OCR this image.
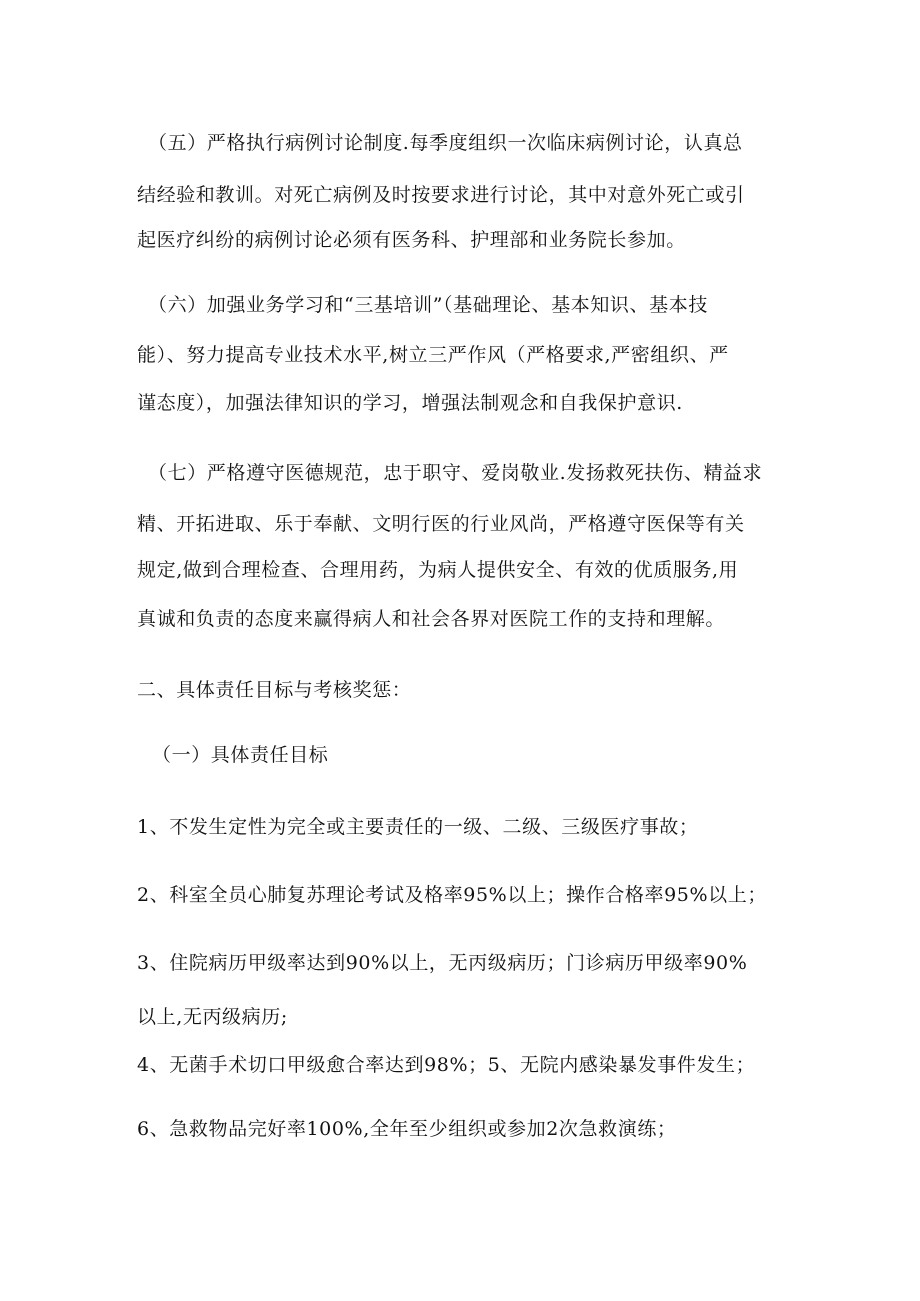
（五）严格执行病例讨论制度.每季度组织一次临床病例讨论，认真总
结经验和教训。对死亡病例及时按要求进行讨论，其中对意外死亡或引
起医疗纠纷的病例讨论必须有医务科、护理部和业务院长参加。
（六）加强业务学习和“三基培训”（基础理论、基本知识、基本技
能）、努力提高专业技术水平,树立三严作风（严格要求,严密组织、严
谨态度），加强法律知识的学习，增强法制观念和自我保护意识.
（七）严格遵守医德规范，忠于职守、爱岗敬业.发扬救死扶伤、精益求
精、开拓进取、乐于奉献、文明行医的行业风尚，严格遵守医保等有关
规定,做到合理检查、合理用药，为病人提供安全、有效的优质服务,用
真诚和负责的态度来赢得病人和社会各界对医院工作的支持和理解。
二、具体责任目标与考核奖惩：
（一）具体责任目标
1、不发生定性为完全或主要责任的一级、二级、三级医疗事故；
2、科室全员心肺复苏理论考试及格率95%以上；操作合格率95%以上；
3、住院病历甲级率达到90%以上，无丙级病历；门诊病历甲级率90%
以上,无丙级病历;
4、无菌手术切口甲级愈合率达到98%；5、无院内感染暴发事件发生；
6、急救物品完好率100%,全年至少组织或参加2次急救演练；
